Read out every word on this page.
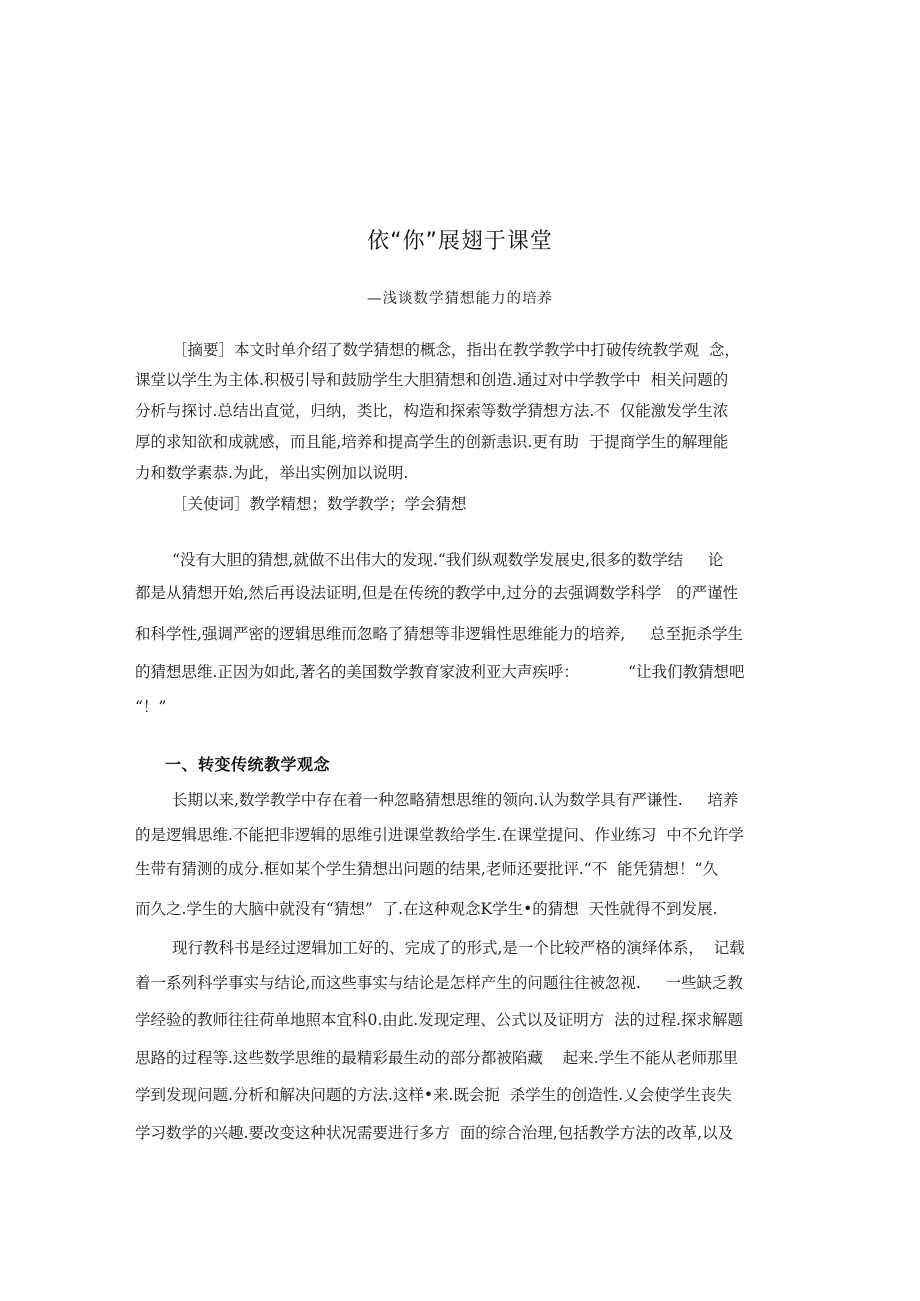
依“你”展翅于课堂
—浅谈数学猜想能力的培养
［摘要］本文时单介绍了数学猜想的概念，指出在教学教学中打破传统教学观  念，
课堂以学生为主体.积极引导和鼓励学生大胆猜想和创造.通过对中学教学中  相关问题的
分析与探讨.总结出直觉，归纳，类比，构造和探索等数学猜想方法.不  仅能激发学生浓
厚的求知欲和成就感，而且能,培养和提高学生的创新恚识.更有助  于提商学生的解理能
力和数学素恭.为此，举出实例加以说明.
［关使词］教学精想；数学教学；学会猜想
“没有大胆的猜想,就做不出伟大的发现.“我们纵观数学发展史,很多的数学结     论
都是从猜想开始,然后再设法证明,但是在传统的教学中,过分的去强调数学科学   的严谨性
和科学性,强调严密的逻辑思维而忽略了猜想等非逻辑性思维能力的培养,     总至扼杀学生
的猜想思维.正因为如此,著名的美国数学教育家波利亚大声疾呼：          “让我们教猜想吧
“！”
一、转变传统教学观念
长期以来,数学教学中存在着一种忽略猜想思维的领向.认为数学具有严谦性.     培养
的是逻辑思维.不能把非逻辑的思维引进课堂教给学生.在课堂提问、作业练习  中不允许学
生带有猜测的成分.框如某个学生猜想出问题的结果,老师还要批评.“不  能凭猜想！“久
而久之.学生的大脑中就没有“猜想”  了.在这种观念K学生•的猜想  天性就得不到发展.
现行教科书是经过逻辑加工好的、完成了的形式,是一个比较严格的演绎体系，  记载
着一系列科学事实与结论,而这些事实与结论是怎样产生的问题往往被忽视.     一些缺乏教
学经验的教师往往荷单地照本宜科0.由此.发现定理、公式以及证明方  法的过程.探求解题
思路的过程等.这些数学思维的最精彩最生动的部分都被陷藏    起来.学生不能从老师那里
学到发现问题.分析和解决问题的方法.这样•来.既会扼  杀学生的创造性.乂会使学生丧失
学习数学的兴趣.要改变这种状况需要进行多方  面的综合治理,包括教学方法的改革,以及
